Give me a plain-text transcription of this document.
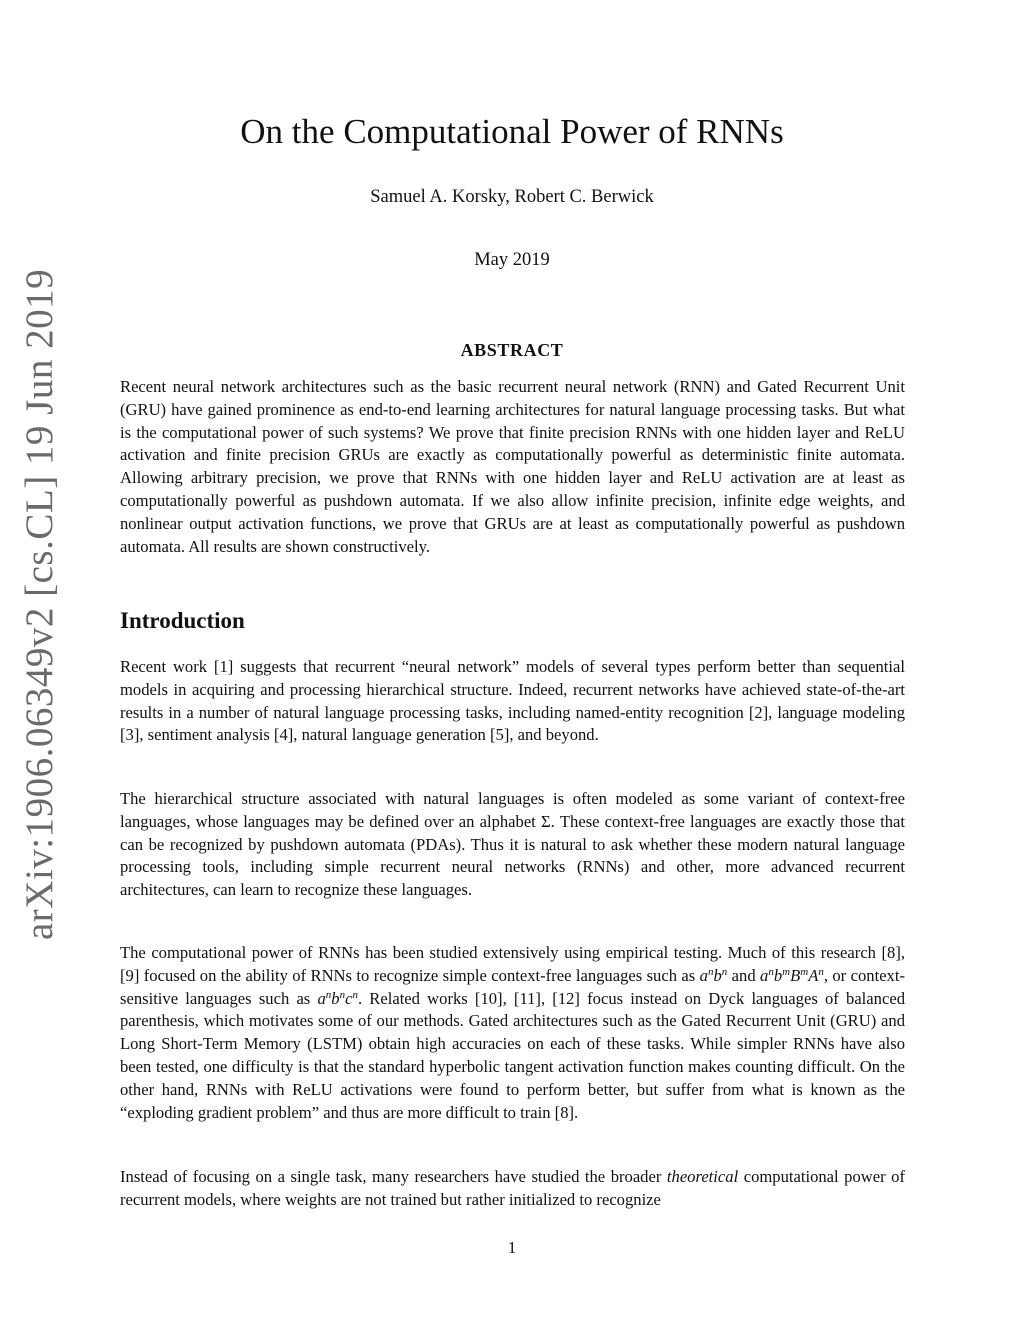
arXiv:1906.06349v2 [cs.CL] 19 Jun 2019
On the Computational Power of RNNs
Samuel A. Korsky, Robert C. Berwick
May 2019
ABSTRACT

Recent neural network architectures such as the basic recurrent neural network (RNN) and Gated Recurrent Unit (GRU) have gained prominence as end-to-end learning architectures for natural language processing tasks. But what is the computational power of such systems? We prove that finite precision RNNs with one hidden layer and ReLU activation and finite precision GRUs are exactly as computationally powerful as deterministic finite automata. Allowing arbitrary precision, we prove that RNNs with one hidden layer and ReLU activation are at least as computationally powerful as pushdown automata. If we also allow infinite precision, infinite edge weights, and nonlinear output activation functions, we prove that GRUs are at least as computationally powerful as pushdown automata. All results are shown constructively.

Introduction

Recent work [1] suggests that recurrent “neural network” models of several types perform better than sequential models in acquiring and processing hierarchical structure. Indeed, recurrent networks have achieved state-of-the-art results in a number of natural language processing tasks, including named-entity recognition [2], language modeling [3], sentiment analysis [4], natural language generation [5], and beyond.

The hierarchical structure associated with natural languages is often modeled as some variant of context-free languages, whose languages may be defined over an alphabet Σ. These context-free languages are exactly those that can be recognized by pushdown automata (PDAs). Thus it is natural to ask whether these modern natural language processing tools, including simple recurrent neural networks (RNNs) and other, more advanced recurrent architectures, can learn to recognize these languages.

The computational power of RNNs has been studied extensively using empirical testing. Much of this research [8], [9] focused on the ability of RNNs to recognize simple context-free languages such as $a^nb^n$ and $a^nb^mB^mA^n$, or context-sensitive languages such as $a^nb^nc^n$. Related works [10], [11], [12] focus instead on Dyck languages of balanced parenthesis, which motivates some of our methods. Gated architectures such as the Gated Recurrent Unit (GRU) and Long Short-Term Memory (LSTM) obtain high accuracies on each of these tasks. While simpler RNNs have also been tested, one difficulty is that the standard hyperbolic tangent activation function makes counting difficult. On the other hand, RNNs with ReLU activations were found to perform better, but suffer from what is known as the “exploding gradient problem” and thus are more difficult to train [8].

Instead of focusing on a single task, many researchers have studied the broader theoretical computational power of recurrent models, where weights are not trained but rather initialized to recognize

1
